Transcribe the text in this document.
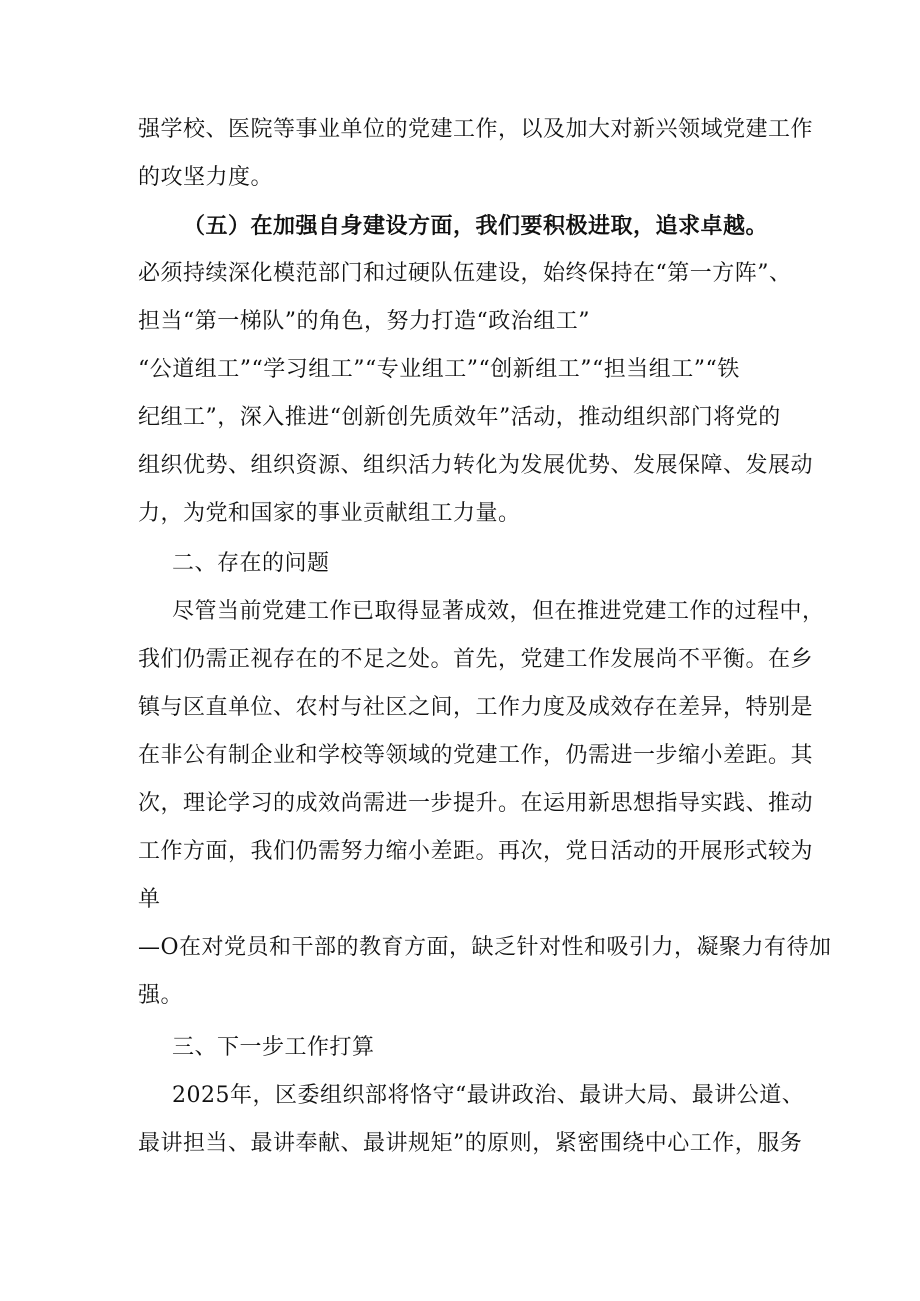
强学校、医院等事业单位的党建工作，以及加大对新兴领域党建工作
的攻坚力度。
（五）在加强自身建设方面，我们要积极进取，追求卓越。
必须持续深化模范部门和过硬队伍建设，始终保持在“第一方阵”、
担当“第一梯队”的角色，努力打造“政治组工”
“公道组工”“学习组工”“专业组工”“创新组工”“担当组工”“铁
纪组工”，深入推进“创新创先质效年”活动，推动组织部门将党的
组织优势、组织资源、组织活力转化为发展优势、发展保障、发展动
力，为党和国家的事业贡献组工力量。
二、存在的问题
尽管当前党建工作已取得显著成效，但在推进党建工作的过程中，
我们仍需正视存在的不足之处。首先，党建工作发展尚不平衡。在乡
镇与区直单位、农村与社区之间，工作力度及成效存在差异，特别是
在非公有制企业和学校等领域的党建工作，仍需进一步缩小差距。其
次，理论学习的成效尚需进一步提升。在运用新思想指导实践、推动
工作方面，我们仍需努力缩小差距。再次，党日活动的开展形式较为
单
—O在对党员和干部的教育方面，缺乏针对性和吸引力，凝聚力有待加
强。
三、下一步工作打算
2025年，区委组织部将恪守“最讲政治、最讲大局、最讲公道、
最讲担当、最讲奉献、最讲规矩”的原则，紧密围绕中心工作，服务
